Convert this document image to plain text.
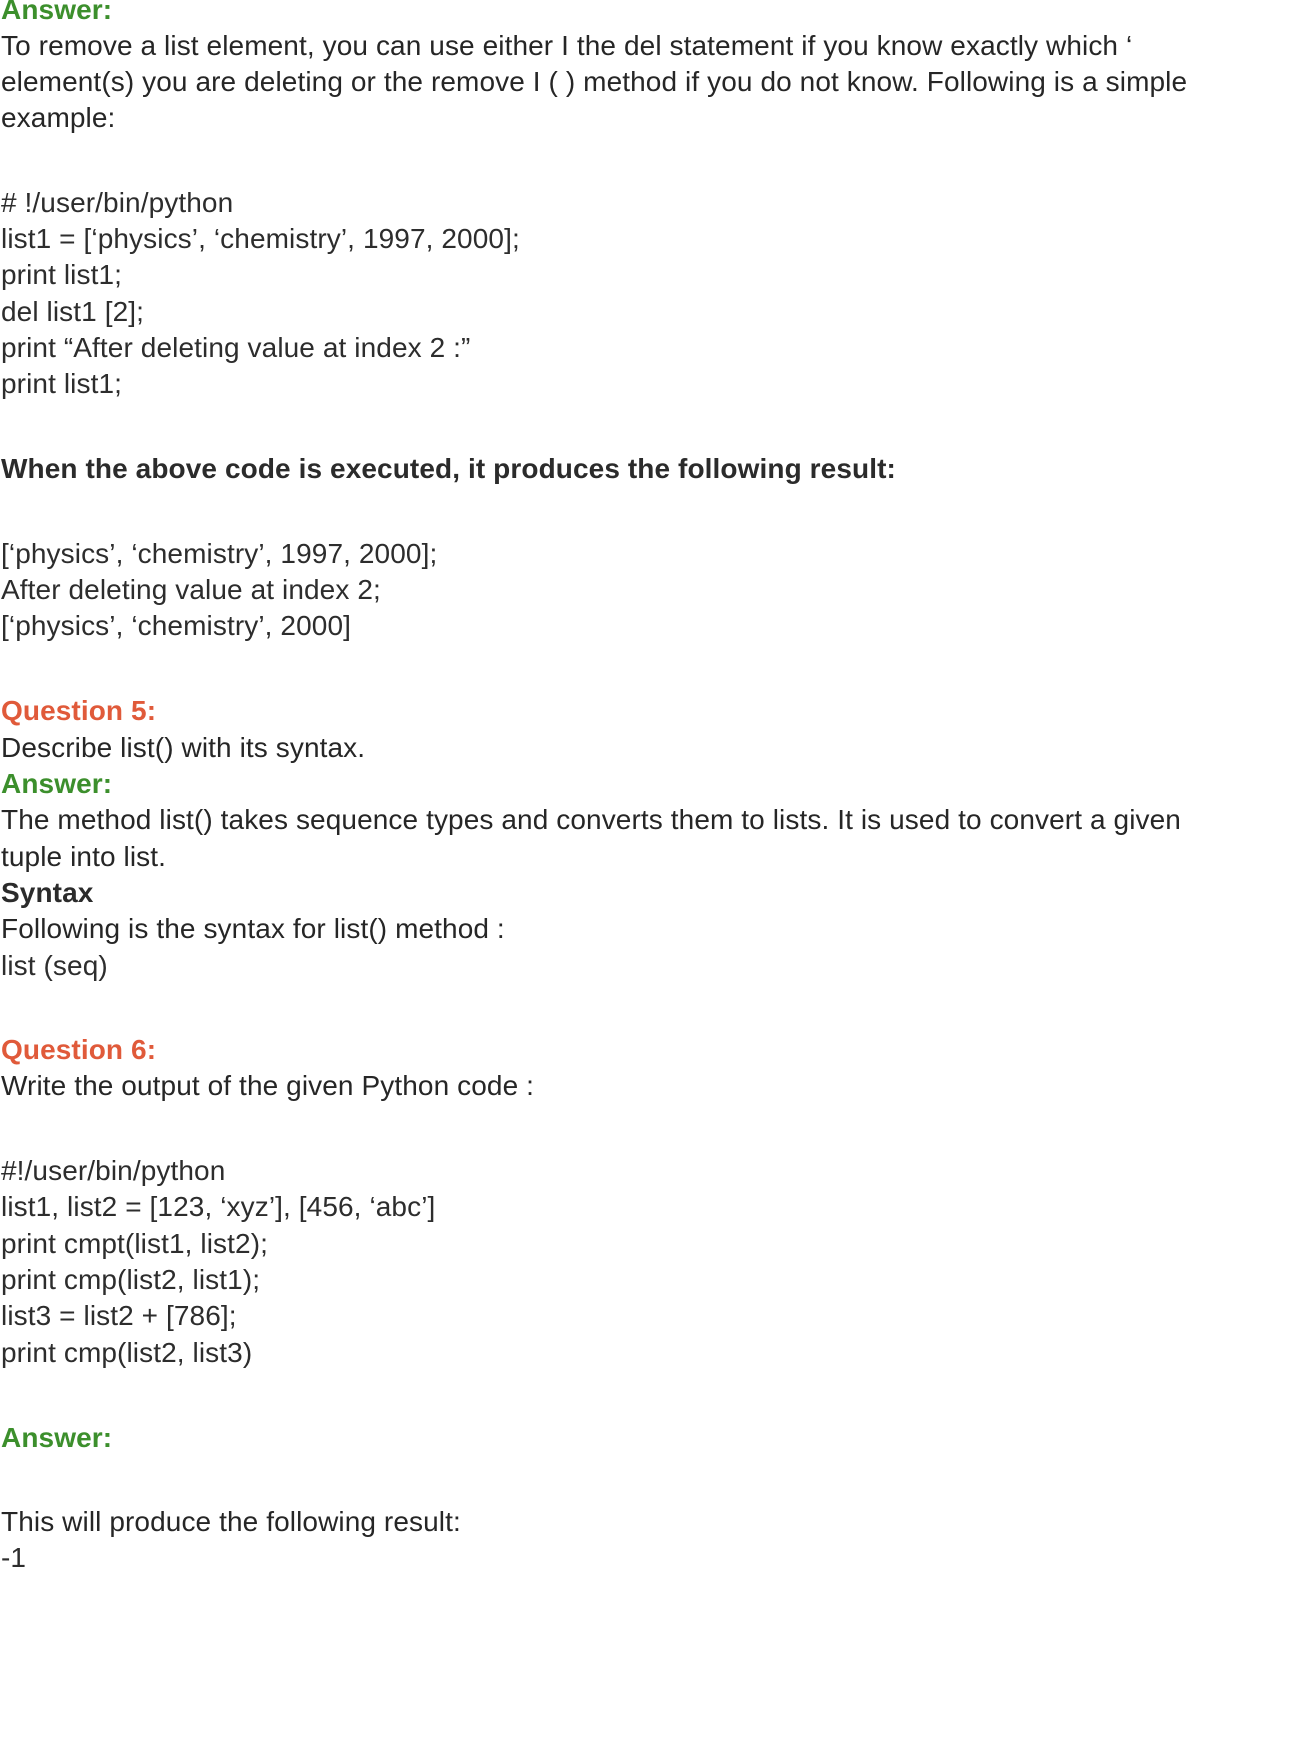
Answer:
To remove a list element, you can use either I the del statement if you know exactly which ‘
element(s) you are deleting or the remove I ( ) method if you do not know. Following is a simple
example:
# !/user/bin/python
list1 = [‘physics’, ‘chemistry’, 1997, 2000];
print list1;
del list1 [2];
print “After deleting value at index 2 :”
print list1;
When the above code is executed, it produces the following result:
[‘physics’, ‘chemistry’, 1997, 2000];
After deleting value at index 2;
[‘physics’, ‘chemistry’, 2000]
Question 5:
Describe list() with its syntax.
Answer:
The method list() takes sequence types and converts them to lists. It is used to convert a given
tuple into list.
Syntax
Following is the syntax for list() method :
list (seq)
Question 6:
Write the output of the given Python code :
#!/user/bin/python
list1, list2 = [123, ‘xyz’], [456, ‘abc’]
print cmpt(list1, list2);
print cmp(list2, list1);
list3 = list2 + [786];
print cmp(list2, list3)
Answer:
This will produce the following result:
-1
